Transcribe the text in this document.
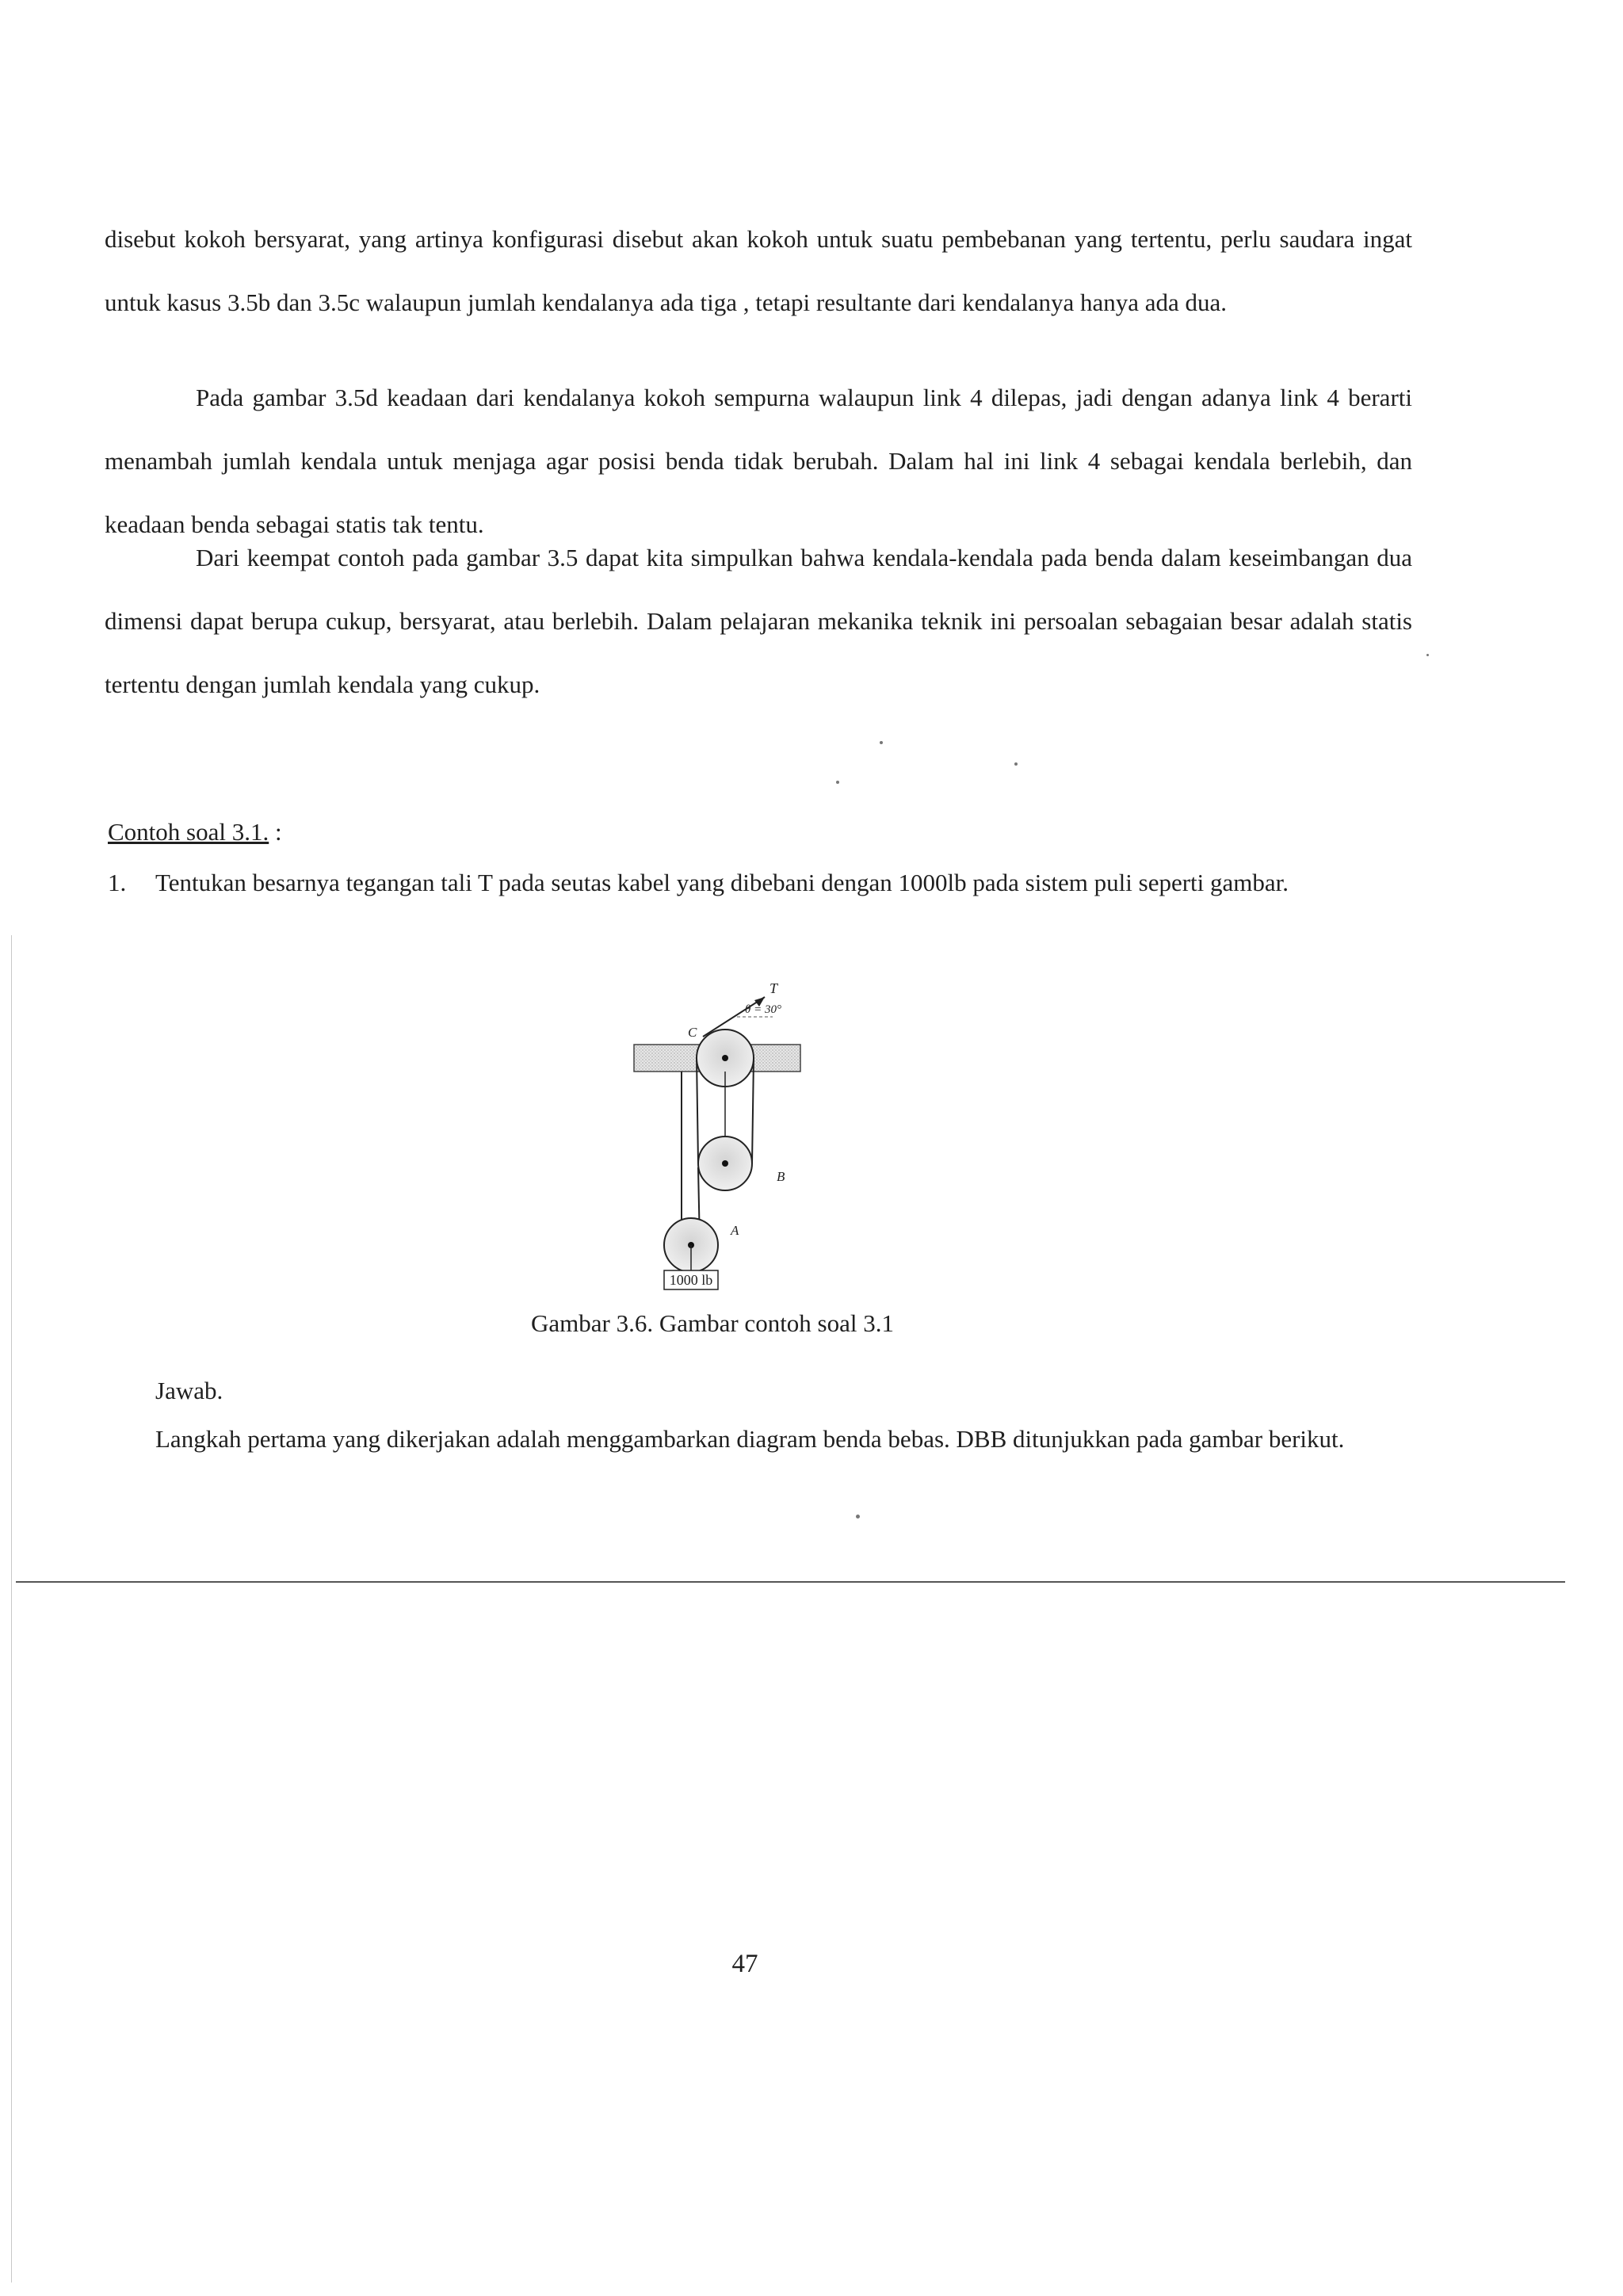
disebut kokoh bersyarat, yang artinya konfigurasi disebut akan kokoh untuk suatu pembebanan yang tertentu, perlu saudara ingat untuk kasus 3.5b dan 3.5c walaupun jumlah kendalanya ada tiga , tetapi resultante dari kendalanya hanya ada dua.

Pada gambar 3.5d keadaan dari kendalanya kokoh sempurna walaupun link 4 dilepas, jadi dengan adanya link 4 berarti menambah jumlah kendala untuk menjaga agar posisi benda tidak berubah. Dalam hal ini link 4 sebagai kendala berlebih, dan keadaan benda sebagai statis tak tentu.

Dari keempat contoh pada gambar 3.5 dapat kita simpulkan bahwa kendala-kendala pada benda dalam keseimbangan dua dimensi dapat berupa cukup, bersyarat, atau berlebih. Dalam pelajaran mekanika teknik ini persoalan sebagaian besar adalah statis tertentu dengan jumlah kendala yang cukup.

Contoh soal 3.1. :
1. Tentukan besarnya tegangan tali T pada seutas kabel yang dibebani dengan 1000lb pada sistem puli seperti gambar.
1000 lb
T
θ = 30°
C
B
A
Gambar 3.6. Gambar contoh soal 3.1
Jawab.
Langkah pertama yang dikerjakan adalah menggambarkan diagram benda bebas. DBB ditunjukkan pada gambar berikut.
47
